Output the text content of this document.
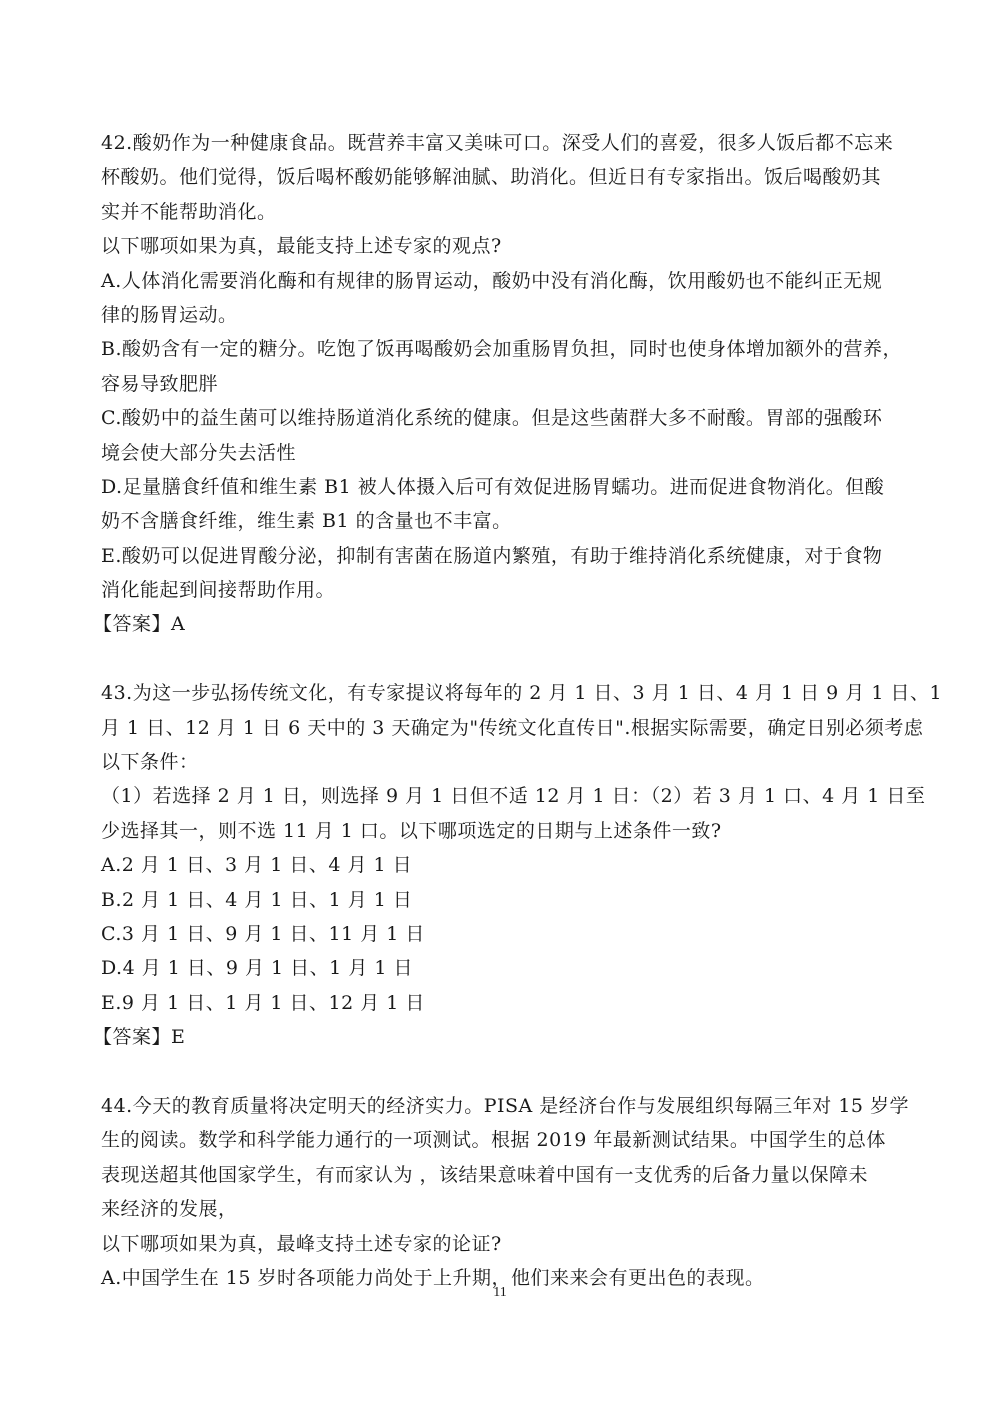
42.酸奶作为一种健康食品。既营养丰富又美味可口。深受人们的喜爱，很多人饭后都不忘来
杯酸奶。他们觉得，饭后喝杯酸奶能够解油腻、助消化。但近日有专家指出。饭后喝酸奶其
实并不能帮助消化。
以下哪项如果为真，最能支持上述专家的观点?
A.人体消化需要消化酶和有规律的肠胃运动，酸奶中没有消化酶，饮用酸奶也不能纠正无规
律的肠胃运动。
B.酸奶含有一定的糖分。吃饱了饭再喝酸奶会加重肠胃负担，同时也使身体增加额外的营养，
容易导致肥胖
C.酸奶中的益生菌可以维持肠道消化系统的健康。但是这些菌群大多不耐酸。胃部的强酸环
境会使大部分失去活性
D.足量膳食纤值和维生素 B1 被人体摄入后可有效促进肠胃蠕功。进而促进食物消化。但酸
奶不含膳食纤维，维生素 B1 的含量也不丰富。
E.酸奶可以促进胃酸分泌，抑制有害菌在肠道内繁殖，有助于维持消化系统健康，对于食物
消化能起到间接帮助作用。
【答案】A
43.为这一步弘扬传统文化，有专家提议将每年的 2 月 1 日、3 月 1 日、4 月 1 日 9 月 1 日、1
月 1 日、12 月 1 日 6 天中的 3 天确定为"传统文化直传日".根据实际需要，确定日别必须考虑
以下条件：
（1）若选择 2 月 1 日，则选择 9 月 1 日但不适 12 月 1 日：（2）若 3 月 1 口、4 月 1 日至
少选择其一，则不选 11 月 1 口。以下哪项选定的日期与上述条件一致?
A.2 月 1 日、3 月 1 日、4 月 1 日
B.2 月 1 日、4 月 1 日、1 月 1 日
C.3 月 1 日、9 月 1 日、11 月 1 日
D.4 月 1 日、9 月 1 日、1 月 1 日
E.9 月 1 日、1 月 1 日、12 月 1 日
【答案】E
44.今天的教育质量将决定明天的经济实力。PISA 是经济台作与发展组织每隔三年对 15 岁学
生的阅读。数学和科学能力通行的一项测试。根据 2019 年最新测试结果。中国学生的总体
表现送超其他国家学生，有而家认为 ，该结果意味着中国有一支优秀的后备力量以保障未
来经济的发展，
以下哪项如果为真，最峰支持土述专家的论证?
A.中国学生在 15 岁时各项能力尚处于上升期，他们来来会有更出色的表现。
11
